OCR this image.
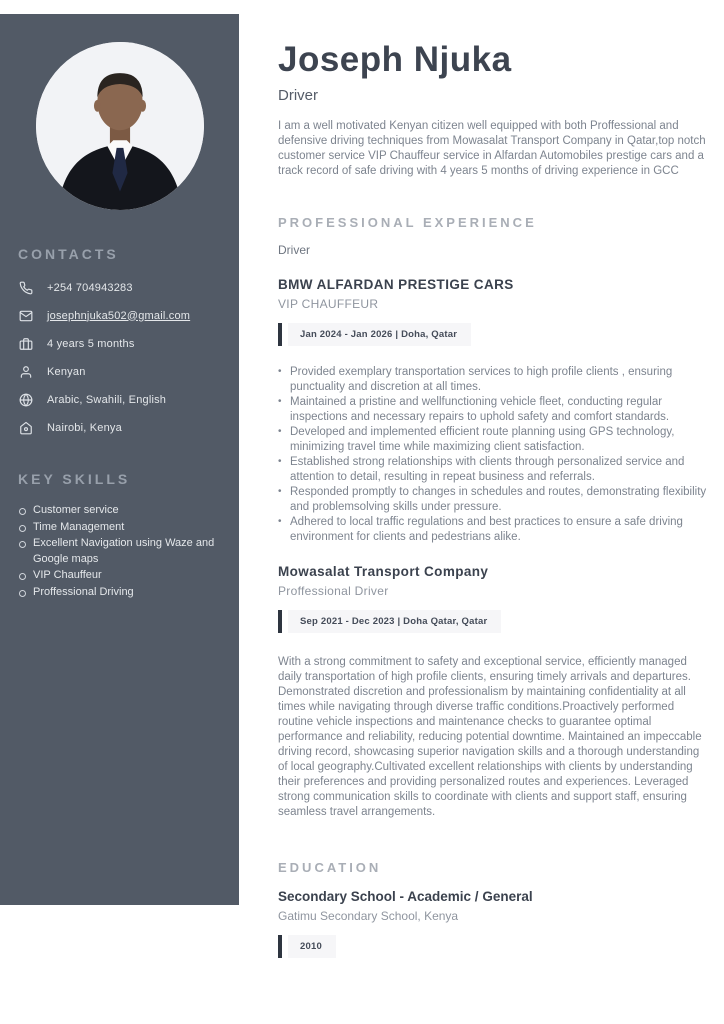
CONTACTS
+254 704943283
josephnjuka502@gmail.com
4 years 5 months
Kenyan
Arabic, Swahili, English
Nairobi, Kenya
KEY SKILLS
Customer service
Time Management
Excellent Navigation using Waze and Google maps
VIP Chauffeur
Proffessional Driving
Joseph Njuka
Driver

I am a well motivated Kenyan citizen well equipped with both Proffessional and defensive driving techniques from Mowasalat Transport Company in Qatar,top notch customer service VIP Chauffeur service in Alfardan Automobiles prestige cars and a track record of safe driving with 4 years 5 months of driving experience in GCC

PROFESSIONAL EXPERIENCE
Driver
BMW ALFARDAN PRESTIGE CARS
VIP CHAUFFEUR
Jan 2024 - Jan 2026 | Doha, Qatar
• Provided exemplary transportation services to high profile clients , ensuring punctuality and discretion at all times.
• Maintained a pristine and wellfunctioning vehicle fleet, conducting regular inspections and necessary repairs to uphold safety and comfort standards.
• Developed and implemented efficient route planning using GPS technology, minimizing travel time while maximizing client satisfaction.
• Established strong relationships with clients through personalized service and attention to detail, resulting in repeat business and referrals.
• Responded promptly to changes in schedules and routes, demonstrating flexibility and problemsolving skills under pressure.
• Adhered to local traffic regulations and best practices to ensure a safe driving environment for clients and pedestrians alike.
Mowasalat Transport Company
Proffessional Driver
Sep 2021 - Dec 2023 | Doha Qatar, Qatar

With a strong commitment to safety and exceptional service, efficiently managed daily transportation of high profile clients, ensuring timely arrivals and departures. Demonstrated discretion and professionalism by maintaining confidentiality at all times while navigating through diverse traffic conditions.Proactively performed routine vehicle inspections and maintenance checks to guarantee optimal performance and reliability, reducing potential downtime. Maintained an impeccable driving record, showcasing superior navigation skills and a thorough understanding of local geography.Cultivated excellent relationships with clients by understanding their preferences and providing personalized routes and experiences. Leveraged strong communication skills to coordinate with clients and support staff, ensuring seamless travel arrangements.

EDUCATION
Secondary School - Academic / General
Gatimu Secondary School, Kenya
2010
